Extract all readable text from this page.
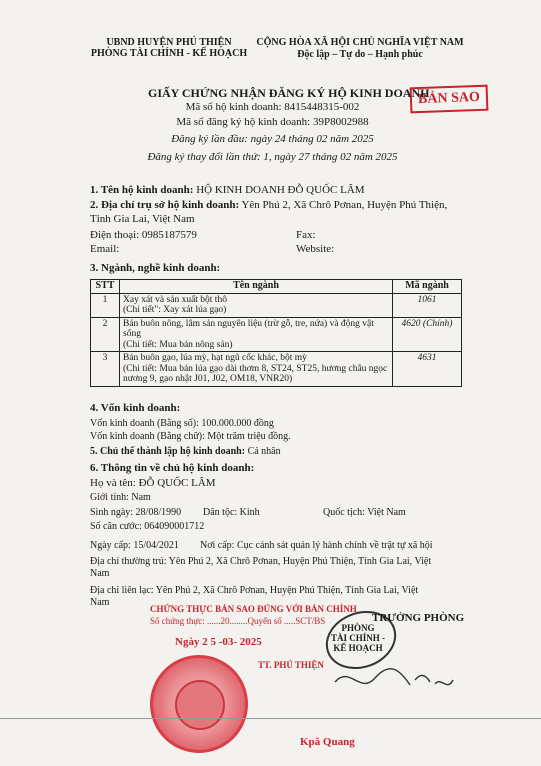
UBND HUYỆN PHÚ THIỆN
PHÒNG TÀI CHÍNH - KẾ HOẠCH
CỘNG HÒA XÃ HỘI CHỦ NGHĨA VIỆT NAM
Độc lập – Tự do – Hạnh phúc
BẢN SAO
GIẤY CHỨNG NHẬN ĐĂNG KÝ HỘ KINH DOANH
Mã số hộ kinh doanh: 8415448315-002
Mã số đăng ký hộ kinh doanh: 39P8002988
Đăng ký lần đầu: ngày 24 tháng 02 năm 2025
Đăng ký thay đổi lần thứ: 1, ngày 27 tháng 02 năm 2025
1. Tên hộ kinh doanh: HỘ KINH DOANH ĐỖ QUỐC LÂM
2. Địa chỉ trụ sở hộ kinh doanh: Yên Phú 2, Xã Chrô Pơnan, Huyện Phú Thiện,
Tỉnh Gia Lai, Việt Nam
Điện thoại: 0985187579	Fax:
Email:	Website:
3. Ngành, nghề kinh doanh:
STT	Tên ngành	Mã ngành
1	Xay xát và sản xuất bột thô
(Chi tiết": Xay xát lúa gạo)	1061
2	Bán buôn nông, lâm sản nguyên liệu (trừ gỗ, tre, nứa) và động vật sống
(Chi tiết: Mua bán nông sản)	4620 (Chính)
3	Bán buôn gạo, lúa mỳ, hạt ngũ cốc khác, bột mỳ
(Chi tiết: Mua bán lúa gạo dài thơm 8, ST24, ST25, hương châu ngọc nương 9, gạo nhật J01, J02, OM18, VNR20)	4631
4. Vốn kinh doanh:
Vốn kinh doanh (Bằng số): 100.000.000 đồng
Vốn kinh doanh (Bằng chữ): Một trăm triệu đồng.
5. Chủ thể thành lập hộ kinh doanh: Cá nhân
6. Thông tin về chủ hộ kinh doanh:
Họ và tên: ĐỖ QUỐC LÂM
Giới tính: Nam
Sinh ngày: 28/08/1990 Dân tộc: Kinh	Quốc tịch: Việt Nam
Số căn cước: 064090001712
Ngày cấp: 15/04/2021 Nơi cấp: Cục cảnh sát quản lý hành chính về trật tự xã hội
Địa chỉ thường trú: Yên Phú 2, Xã Chrô Pơnan, Huyện Phú Thiện, Tỉnh Gia Lai, Việt
Nam
Địa chỉ liên lạc: Yên Phú 2, Xã Chrô Pơnan, Huyện Phú Thiện, Tỉnh Gia Lai, Việt
Nam
CHỨNG THỰC BẢN SAO ĐÚNG VỚI BẢN CHÍNH
Số chứng thực: ......20........Quyển số .....SCT/BS
Ngày 2 5 -03- 2025
TT. PHÚ THIỆN
PHÒNG
TÀI CHÍNH -
KẾ HOẠCH
TRƯỞNG PHÒNG
Kpă Quang
